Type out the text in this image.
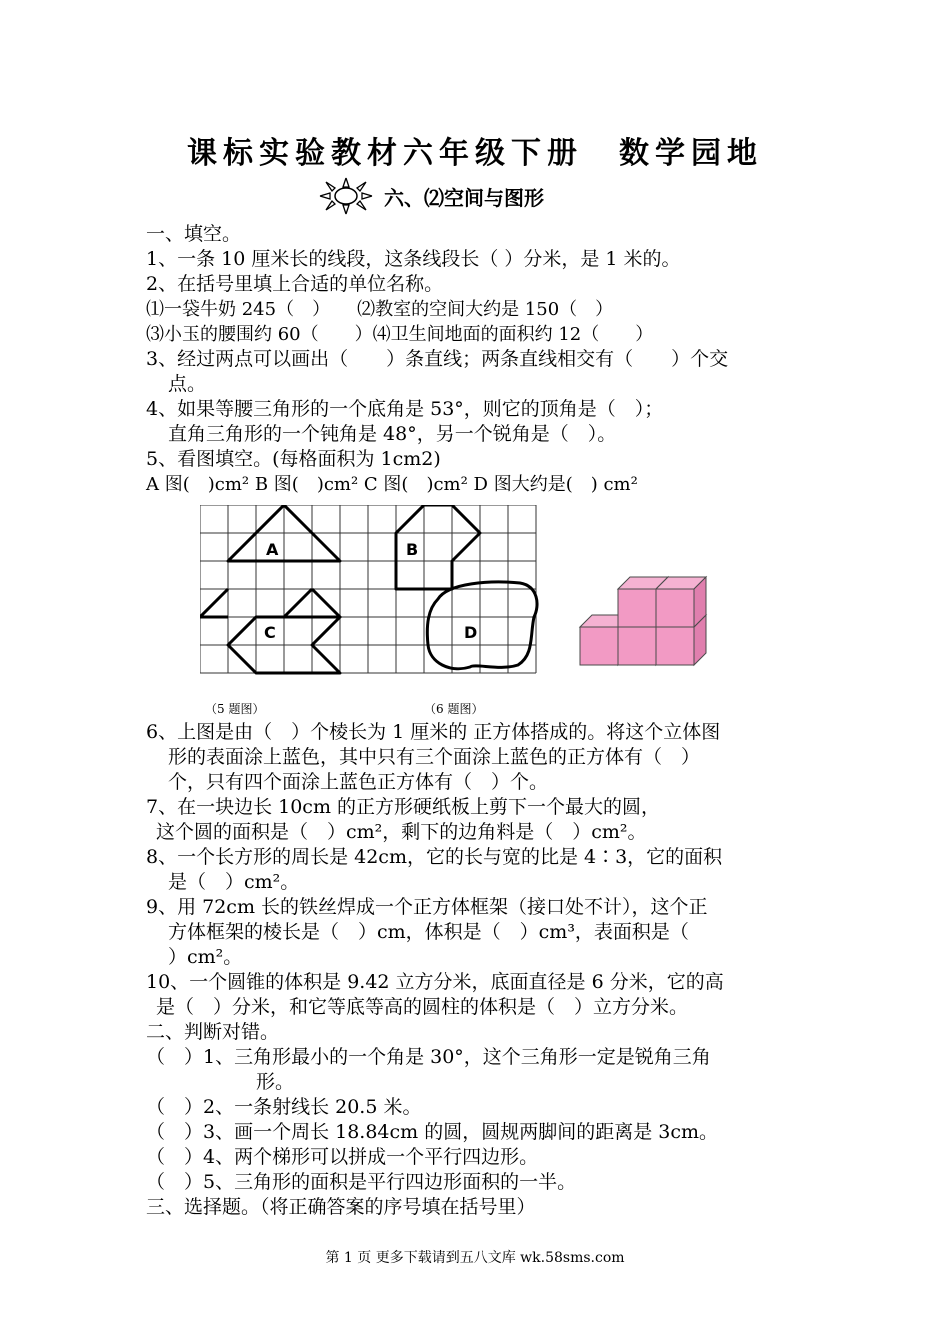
课标实验教材六年级下册　数学园地
六、⑵空间与图形
一、填空。
1、一条 10 厘米长的线段，这条线段长（ ）分米，是 1 米的。
2、在括号里填上合适的单位名称。
⑴一袋牛奶 245（　）　　⑵教室的空间大约是 150（　）
⑶小玉的腰围约 60（　　）⑷卫生间地面的面积约 12（　　）
3、经过两点可以画出（　　）条直线；两条直线相交有（　　）个交
点。
4、如果等腰三角形的一个底角是 53°，则它的顶角是（　）；
直角三角形的一个钝角是 48°，另一个锐角是（　）。
5、看图填空。(每格面积为 1cm2)
A 图(　)cm² B 图(　)cm² C 图(　)cm² D 图大约是(　) cm²
A	B
C	D
（5 题图）	（6 题图）
6、上图是由（　）个棱长为 1 厘米的 正方体搭成的。将这个立体图
形的表面涂上蓝色，其中只有三个面涂上蓝色的正方体有（　）
个，只有四个面涂上蓝色正方体有（　）个。
7、在一块边长 10cm 的正方形硬纸板上剪下一个最大的圆，
这个圆的面积是（　）cm²，剩下的边角料是（　）cm²。
8、一个长方形的周长是 42cm，它的长与宽的比是 4∶3，它的面积
是（　）cm²。
9、用 72cm 长的铁丝焊成一个正方体框架（接口处不计），这个正
方体框架的棱长是（　）cm，体积是（　）cm³，表面积是（
）cm²。
10、一个圆锥的体积是 9.42 立方分米，底面直径是 6 分米，它的高
是（　）分米，和它等底等高的圆柱的体积是（　）立方分米。
二、判断对错。
（　）1、三角形最小的一个角是 30°，这个三角形一定是锐角三角
形。
（　）2、一条射线长 20.5 米。
（　）3、画一个周长 18.84cm 的圆，圆规两脚间的距离是 3cm。
（　）4、两个梯形可以拼成一个平行四边形。
（　）5、三角形的面积是平行四边形面积的一半。
三、选择题。（将正确答案的序号填在括号里）
第 1 页 更多下载请到五八文库 wk.58sms.com
